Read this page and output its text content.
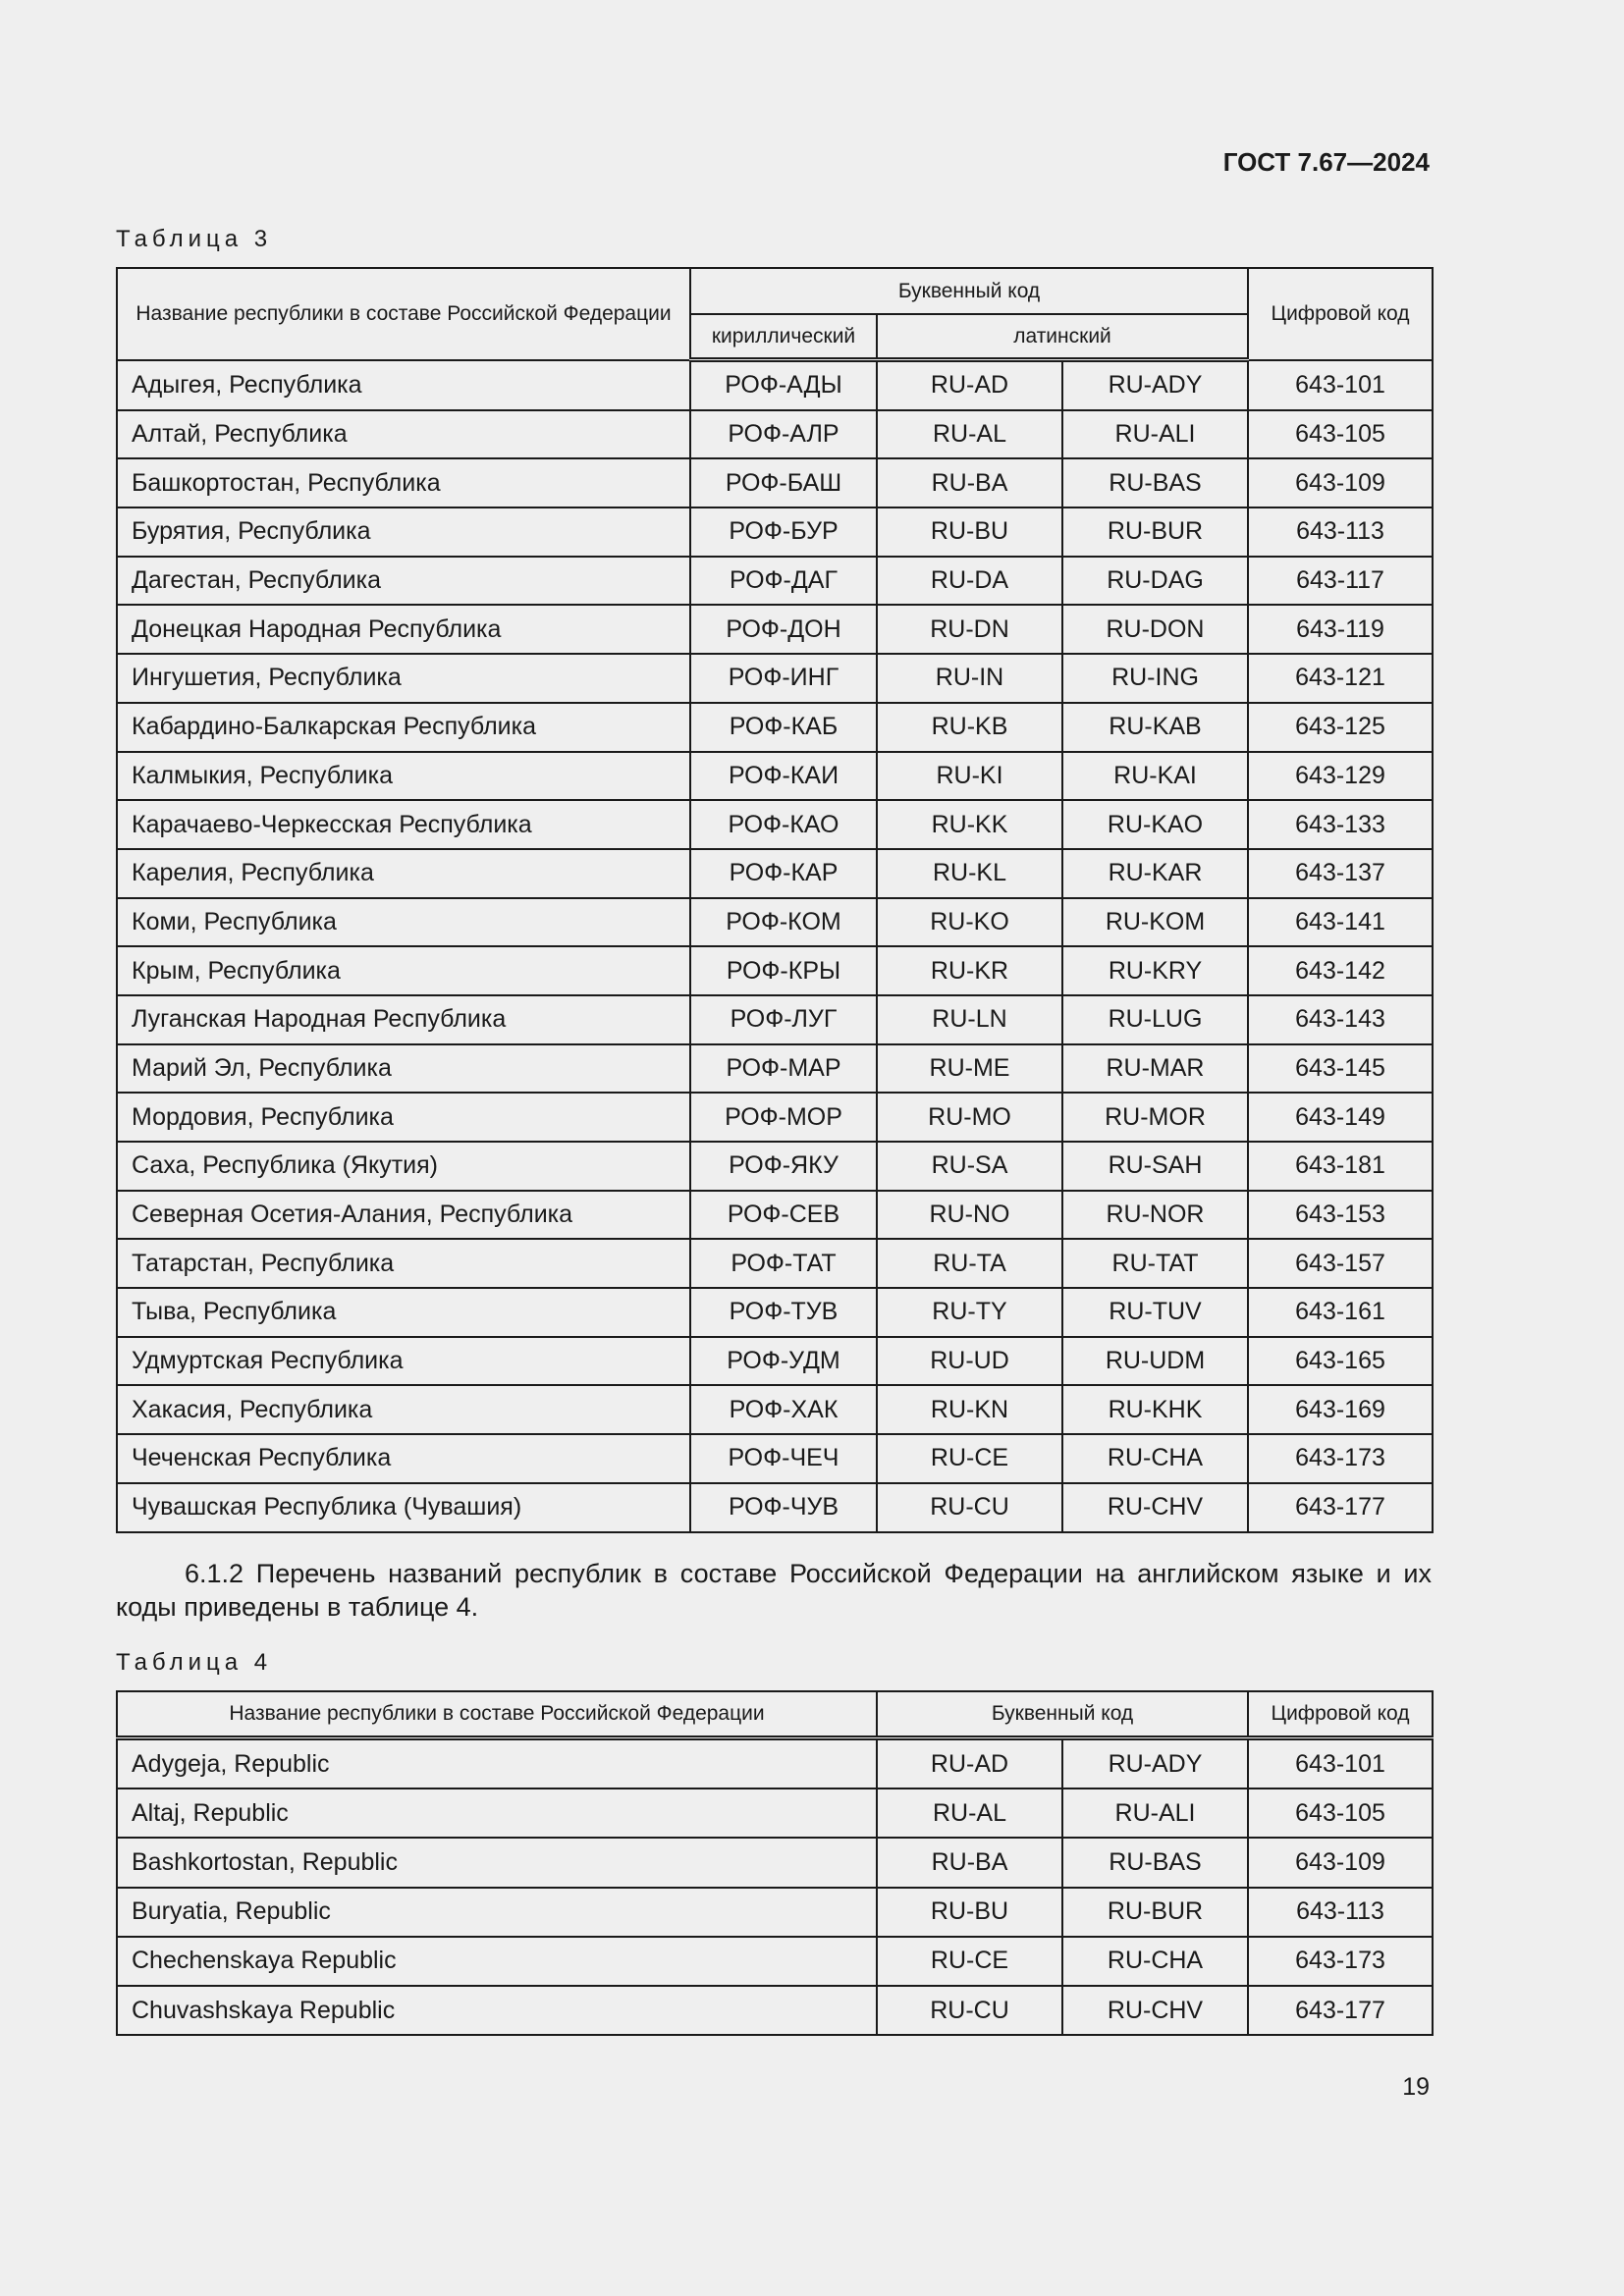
ГОСТ 7.67—2024
Таблица 3
Название республики в составе Российской Федерации	Буквенный код			Цифровой код
	кириллический	латинский		
Адыгея, Республика	РОФ-АДЫ	RU-AD	RU-ADY	643-101
Алтай, Республика	РОФ-АЛР	RU-AL	RU-ALI	643-105
Башкортостан, Республика	РОФ-БАШ	RU-BA	RU-BAS	643-109
Бурятия, Республика	РОФ-БУР	RU-BU	RU-BUR	643-113
Дагестан, Республика	РОФ-ДАГ	RU-DA	RU-DAG	643-117
Донецкая Народная Республика	РОФ-ДОН	RU-DN	RU-DON	643-119
Ингушетия, Республика	РОФ-ИНГ	RU-IN	RU-ING	643-121
Кабардино-Балкарская Республика	РОФ-КАБ	RU-KB	RU-KAB	643-125
Калмыкия, Республика	РОФ-КАИ	RU-KI	RU-KAI	643-129
Карачаево-Черкесская Республика	РОФ-КАО	RU-KK	RU-KAO	643-133
Карелия, Республика	РОФ-КАР	RU-KL	RU-KAR	643-137
Коми, Республика	РОФ-КОМ	RU-KO	RU-KOM	643-141
Крым, Республика	РОФ-КРЫ	RU-KR	RU-KRY	643-142
Луганская Народная Республика	РОФ-ЛУГ	RU-LN	RU-LUG	643-143
Марий Эл, Республика	РОФ-МАР	RU-ME	RU-MAR	643-145
Мордовия, Республика	РОФ-МОР	RU-MO	RU-MOR	643-149
Саха, Республика (Якутия)	РОФ-ЯКУ	RU-SA	RU-SAH	643-181
Северная Осетия-Алания, Республика	РОФ-СЕВ	RU-NO	RU-NOR	643-153
Татарстан, Республика	РОФ-ТАТ	RU-TA	RU-TAT	643-157
Тыва, Республика	РОФ-ТУВ	RU-TY	RU-TUV	643-161
Удмуртская Республика	РОФ-УДМ	RU-UD	RU-UDM	643-165
Хакасия, Республика	РОФ-ХАК	RU-KN	RU-KHK	643-169
Чеченская Республика	РОФ-ЧЕЧ	RU-CE	RU-CHA	643-173
Чувашская Республика (Чувашия)	РОФ-ЧУВ	RU-CU	RU-CHV	643-177
6.1.2 Перечень названий республик в составе Российской Федерации на английском языке и их коды приведены в таблице 4.
Таблица 4
Название республики в составе Российской Федерации	Буквенный код		Цифровой код
Adygeja, Republic	RU-AD	RU-ADY	643-101
Altaj, Republic	RU-AL	RU-ALI	643-105
Bashkortostan, Republic	RU-BA	RU-BAS	643-109
Buryatia, Republic	RU-BU	RU-BUR	643-113
Chechenskaya Republic	RU-CE	RU-CHA	643-173
Chuvashskaya Republic	RU-CU	RU-CHV	643-177
19
